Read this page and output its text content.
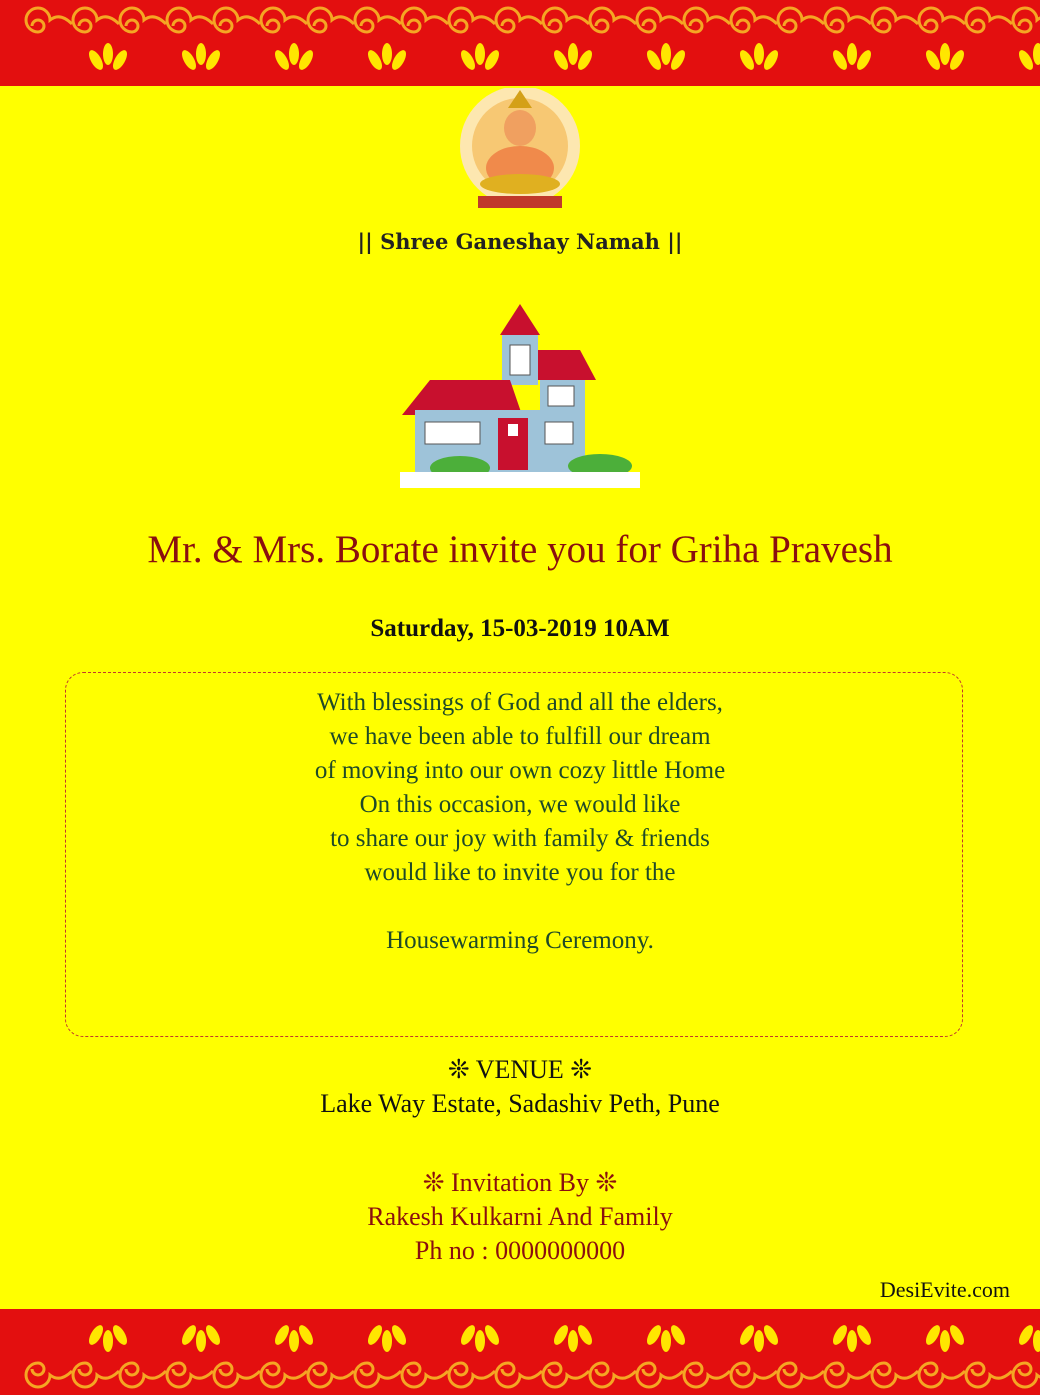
|| Shree Ganeshay Namah ||
Mr. & Mrs. Borate invite you for Griha Pravesh
Saturday, 15-03-2019 10AM
With blessings of God and all the elders,
we have been able to fulfill our dream
of moving into our own cozy little Home
On this occasion, we would like
to share our joy with family & friends
would like to invite you for the

Housewarming Ceremony.
❊ VENUE ❊
Lake Way Estate, Sadashiv Peth, Pune
❊ Invitation By ❊
Rakesh Kulkarni And Family
Ph no : 0000000000
DesiEvite.com
